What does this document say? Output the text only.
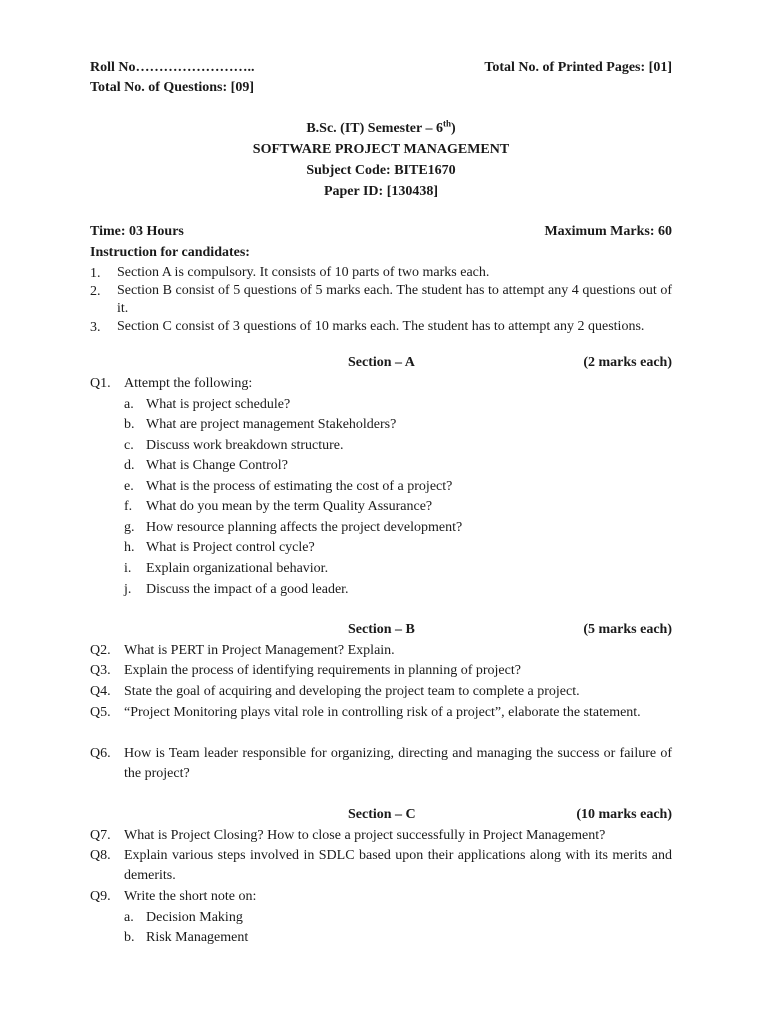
Roll No……………………..	Total No. of Printed Pages: [01]
Total No. of Questions: [09]
B.Sc. (IT) Semester – 6th)
SOFTWARE PROJECT MANAGEMENT
Subject Code: BITE1670
Paper ID: [130438]
Time: 03 Hours	Maximum Marks: 60
Instruction for candidates:
1. Section A is compulsory. It consists of 10 parts of two marks each.
2. Section B consist of 5 questions of 5 marks each. The student has to attempt any 4 questions out of it.
3. Section C consist of 3 questions of 10 marks each. The student has to attempt any 2 questions.
Section – A	(2 marks each)
Q1. Attempt the following:
a. What is project schedule?
b. What are project management Stakeholders?
c. Discuss work breakdown structure.
d. What is Change Control?
e. What is the process of estimating the cost of a project?
f. What do you mean by the term Quality Assurance?
g. How resource planning affects the project development?
h. What is Project control cycle?
i. Explain organizational behavior.
j. Discuss the impact of a good leader.
Section – B	(5 marks each)
Q2. What is PERT in Project Management? Explain.
Q3. Explain the process of identifying requirements in planning of project?
Q4. State the goal of acquiring and developing the project team to complete a project.
Q5. “Project Monitoring plays vital role in controlling risk of a project”, elaborate the statement.
Q6. How is Team leader responsible for organizing, directing and managing the success or failure of the project?
Section – C	(10 marks each)
Q7. What is Project Closing? How to close a project successfully in Project Management?
Q8. Explain various steps involved in SDLC based upon their applications along with its merits and demerits.
Q9. Write the short note on:
a. Decision Making
b. Risk Management
